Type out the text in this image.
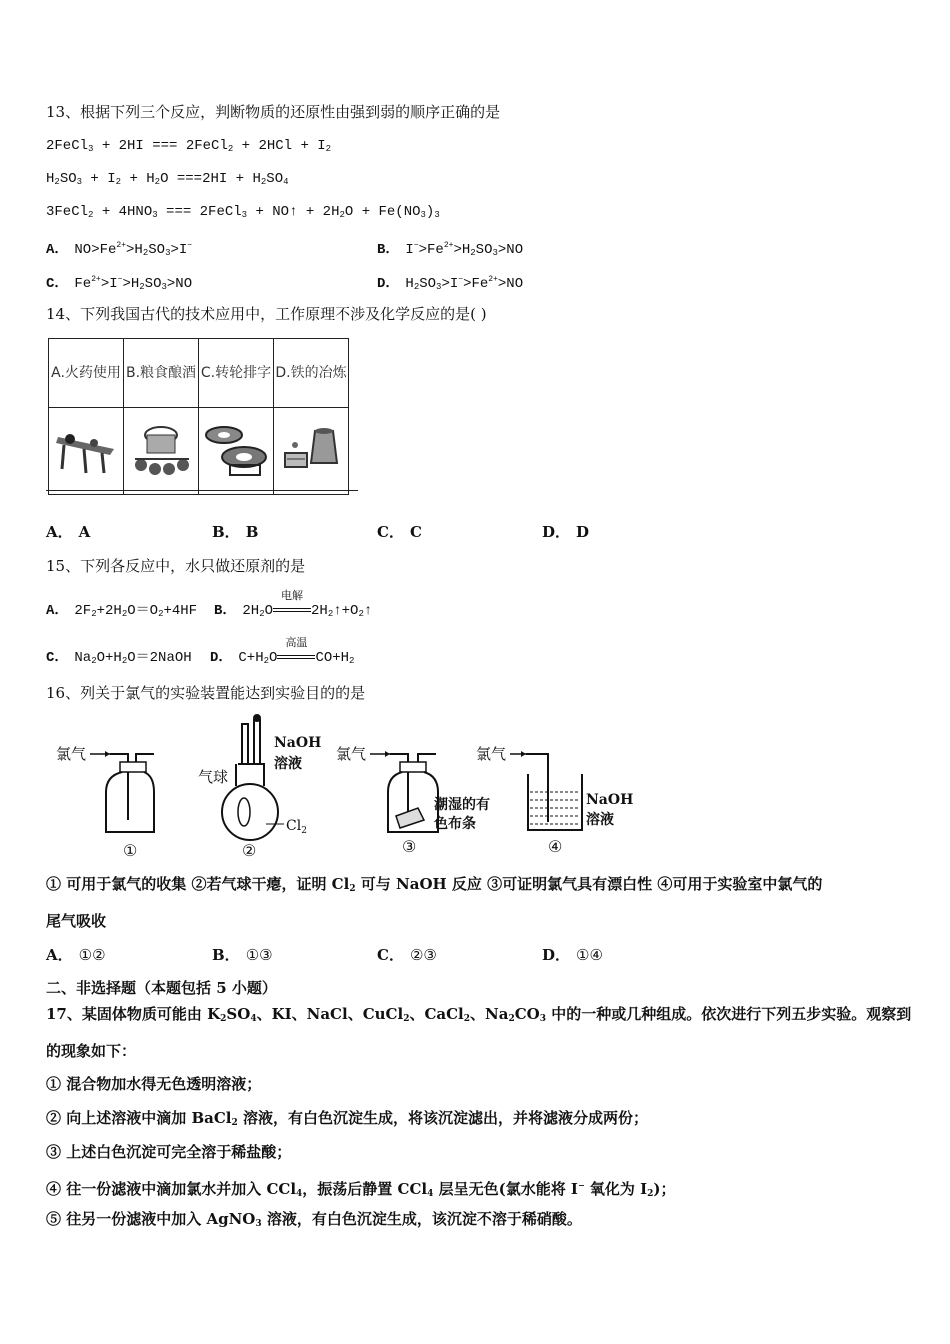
13、根据下列三个反应，判断物质的还原性由强到弱的顺序正确的是
2FeCl$_3$ + 2HI === 2FeCl$_2$ + $2HCl + I_2$
$H_2SO_3 + I_2 + H_2O ===2HI + H_2SO_4$
3FeCl$_2$ + $4HNO_3$ === 2FeCl$_3$ + NO↑ + $2H_2O + Fe(NO_3)_3$
A． $NO>Fe^{2+}>H_2SO_3>I^-$	B． $I^->Fe^{2+}>H_2SO_3>NO$
C． $Fe^{2+}>I^->H_2SO_3>NO$	D． $H_2SO_3>I^->Fe^{2+}>NO$
14、下列我国古代的技术应用中，工作原理不涉及化学反应的是( )
A.火药使用	B.粮食酿酒	C.转轮排字	D.铁的冶炼

A． A	B． B	C． C	D． D
15、下列各反应中，水只做还原剂的是
A． $2F_2+2H_2O=O_2+4HF$ B． $2H_2O$
电解
$2H_2↑+O_2↑$
C． $Na_2O+H_2O=2NaOH$ D． $C+H_2O$
高温
$CO+H_2$
16、列关于氯气的实验装置能达到实验目的的是
氯气
①
气球
NaOH
溶液
$Cl_2$
②
氯气
潮湿的有
色布条
③
氯气
NaOH
溶液
④
① 可用于氯气的收集 ②若气球干瘪，证明 $Cl_2$ 可与 NaOH 反应 ③可证明氯气具有漂白性 ④可用于实验室中氯气的
尾气吸收
A． ①②	B． ①③	C． ②③	D． ①④
二、非选择题（本题包括 5 小题）
17、某固体物质可能由 $K_2SO_4$、KI、NaCl、CuCl$_2$、CaCl$_2$、$Na_2CO_3$ 中的一种或几种组成。依次进行下列五步实验。观察到
的现象如下：
① 混合物加水得无色透明溶液；
② 向上述溶液中滴加 BaCl$_2$ 溶液，有白色沉淀生成，将该沉淀滤出，并将滤液分成两份；
③ 上述白色沉淀可完全溶于稀盐酸；
④ 往一份滤液中滴加氯水并加入 CCl$_4$，振荡后静置 CCl$_4$ 层呈无色(氯水能将 I− 氧化为 $I_2$)；
⑤ 往另一份滤液中加入 AgNO$_3$ 溶液，有白色沉淀生成，该沉淀不溶于稀硝酸。
